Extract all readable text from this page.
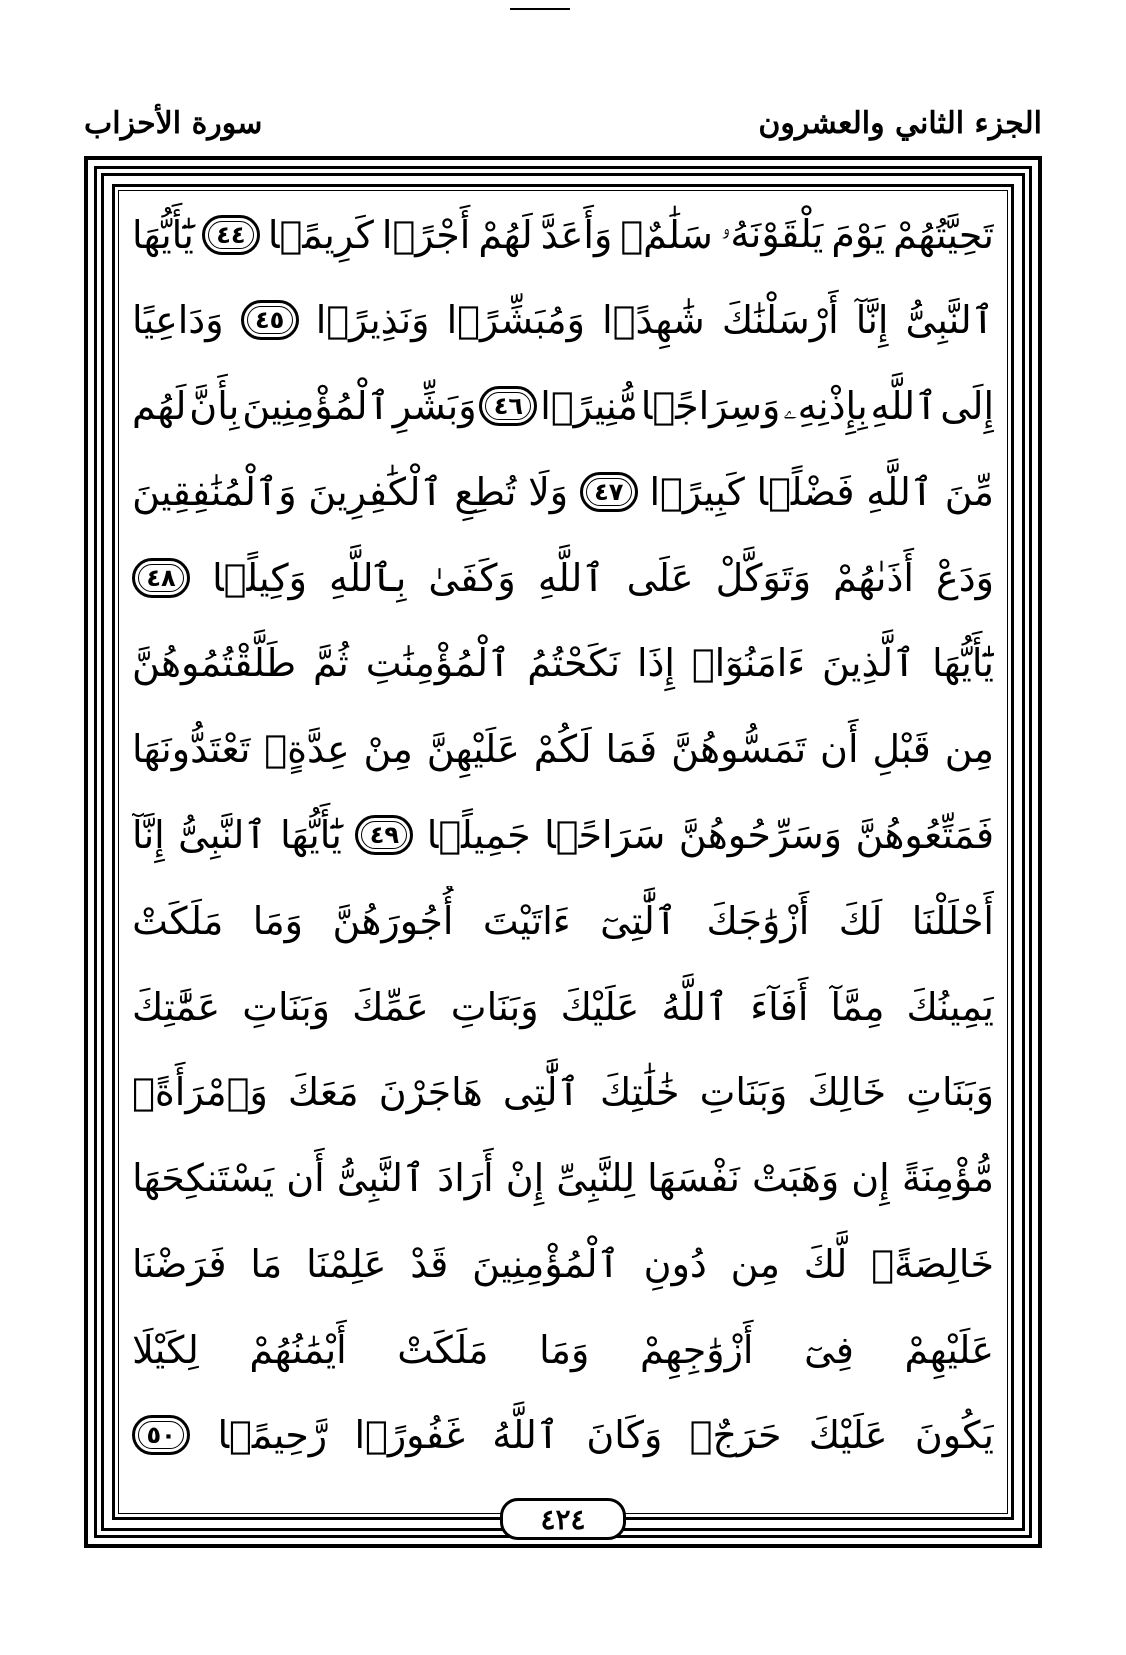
الجزء الثاني والعشرون
سورة الأحزاب
تَحِيَّتُهُمْ
يَوْمَ
يَلْقَوْنَهُۥ
سَلَٰمٌۭ
وَأَعَدَّ
لَهُمْ
أَجْرًۭا
كَرِيمًۭا
٤٤
يَٰٓأَيُّهَا
ٱلنَّبِىُّ
إِنَّآ
أَرْسَلْنَٰكَ
شَٰهِدًۭا
وَمُبَشِّرًۭا
وَنَذِيرًۭا
٤٥
وَدَاعِيًا
إِلَى
ٱللَّهِ
بِإِذْنِهِۦ
وَسِرَاجًۭا
مُّنِيرًۭا
٤٦
وَبَشِّرِ
ٱلْمُؤْمِنِينَ
بِأَنَّ
لَهُم
مِّنَ
ٱللَّهِ
فَضْلًۭا
كَبِيرًۭا
٤٧
وَلَا
تُطِعِ
ٱلْكَٰفِرِينَ
وَٱلْمُنَٰفِقِينَ
وَدَعْ
أَذَىٰهُمْ
وَتَوَكَّلْ
عَلَى
ٱللَّهِ
وَكَفَىٰ
بِٱللَّهِ
وَكِيلًۭا
٤٨
يَٰٓأَيُّهَا
ٱلَّذِينَ
ءَامَنُوٓا۟
إِذَا
نَكَحْتُمُ
ٱلْمُؤْمِنَٰتِ
ثُمَّ
طَلَّقْتُمُوهُنَّ
مِن
قَبْلِ
أَن
تَمَسُّوهُنَّ
فَمَا
لَكُمْ
عَلَيْهِنَّ
مِنْ
عِدَّةٍۢ
تَعْتَدُّونَهَا
فَمَتِّعُوهُنَّ
وَسَرِّحُوهُنَّ
سَرَاحًۭا
جَمِيلًۭا
٤٩
يَٰٓأَيُّهَا
ٱلنَّبِىُّ
إِنَّآ
أَحْلَلْنَا
لَكَ
أَزْوَٰجَكَ
ٱلَّٰتِىٓ
ءَاتَيْتَ
أُجُورَهُنَّ
وَمَا
مَلَكَتْ
يَمِينُكَ
مِمَّآ
أَفَآءَ
ٱللَّهُ
عَلَيْكَ
وَبَنَاتِ
عَمِّكَ
وَبَنَاتِ
عَمَّٰتِكَ
وَبَنَاتِ
خَالِكَ
وَبَنَاتِ
خَٰلَٰتِكَ
ٱلَّٰتِى
هَاجَرْنَ
مَعَكَ
وَٱمْرَأَةًۭ
مُّؤْمِنَةً
إِن
وَهَبَتْ
نَفْسَهَا
لِلنَّبِىِّ
إِنْ
أَرَادَ
ٱلنَّبِىُّ
أَن
يَسْتَنكِحَهَا
خَالِصَةًۭ
لَّكَ
مِن
دُونِ
ٱلْمُؤْمِنِينَ
قَدْ
عَلِمْنَا
مَا
فَرَضْنَا
عَلَيْهِمْ
فِىٓ
أَزْوَٰجِهِمْ
وَمَا
مَلَكَتْ
أَيْمَٰنُهُمْ
لِكَيْلَا
يَكُونَ
عَلَيْكَ
حَرَجٌۭ
وَكَانَ
ٱللَّهُ
غَفُورًۭا
رَّحِيمًۭا
٥٠
٤٢٤
